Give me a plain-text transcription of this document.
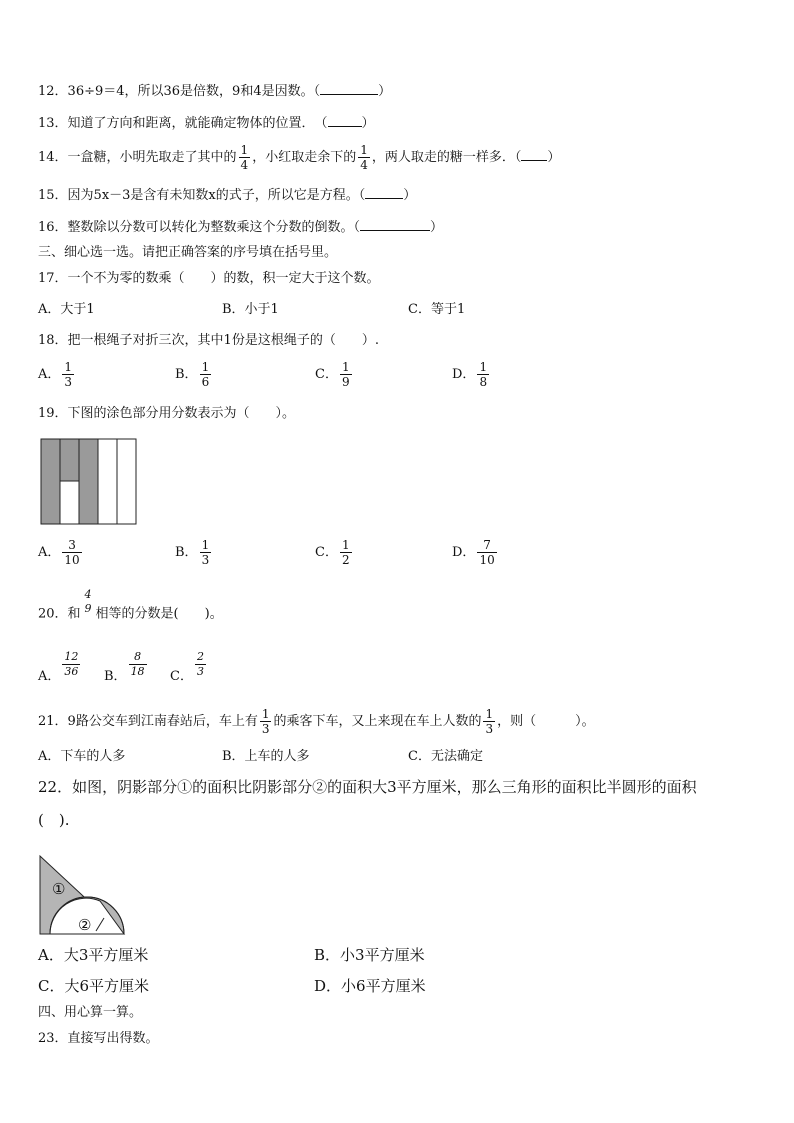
12．36÷9＝4，所以36是倍数，9和4是因数。（	）
13．知道了方向和距离，就能确定物体的位置．　（	）
14．一盒糖，小明先取走了其中的 $\frac{1}{4}$ ，小红取走余下的 $\frac{1}{4}$ ，两人取走的糖一样多．（ ）
15．因为5x－3是含有未知数x的式子，所以它是方程。（	）
16．整数除以分数可以转化为整数乘这个分数的倒数。（	）
三、细心选一选。请把正确答案的序号填在括号里。
17．一个不为零的数乘（　　）的数，积一定大于这个数。
A．大于1	B．小于1	C．等于1
18．把一根绳子对折三次，其中1份是这根绳子的（　　）.
A． $\frac{1}{3}$	B． $\frac{1}{6}$	C． $\frac{1}{9}$	D． $\frac{1}{8}$
19．下图的涂色部分用分数表示为（　　）。
A． $\frac{3}{10}$	B． $\frac{1}{3}$	C． $\frac{1}{2}$	D． $\frac{7}{10}$
20．和
4
9 相等的分数是(　　)。
A． $\frac{12}{36}$ B． $\frac{8}{18}$ C． $\frac{2}{3}$
21．9路公交车到江南春站后，车上有 $\frac{1}{3}$ 的乘客下车，又上来现在车上人数的 $\frac{1}{3}$ ，则（　　　）。
A．下车的人多	B．上车的人多	C．无法确定
22．如图，阴影部分①的面积比阴影部分②的面积大3平方厘米，那么三角形的面积比半圆形的面积
(　).
①
②
A．大3平方厘米	B．小3平方厘米
C．大6平方厘米	D．小6平方厘米
四、用心算一算。
23．直接写出得数。
